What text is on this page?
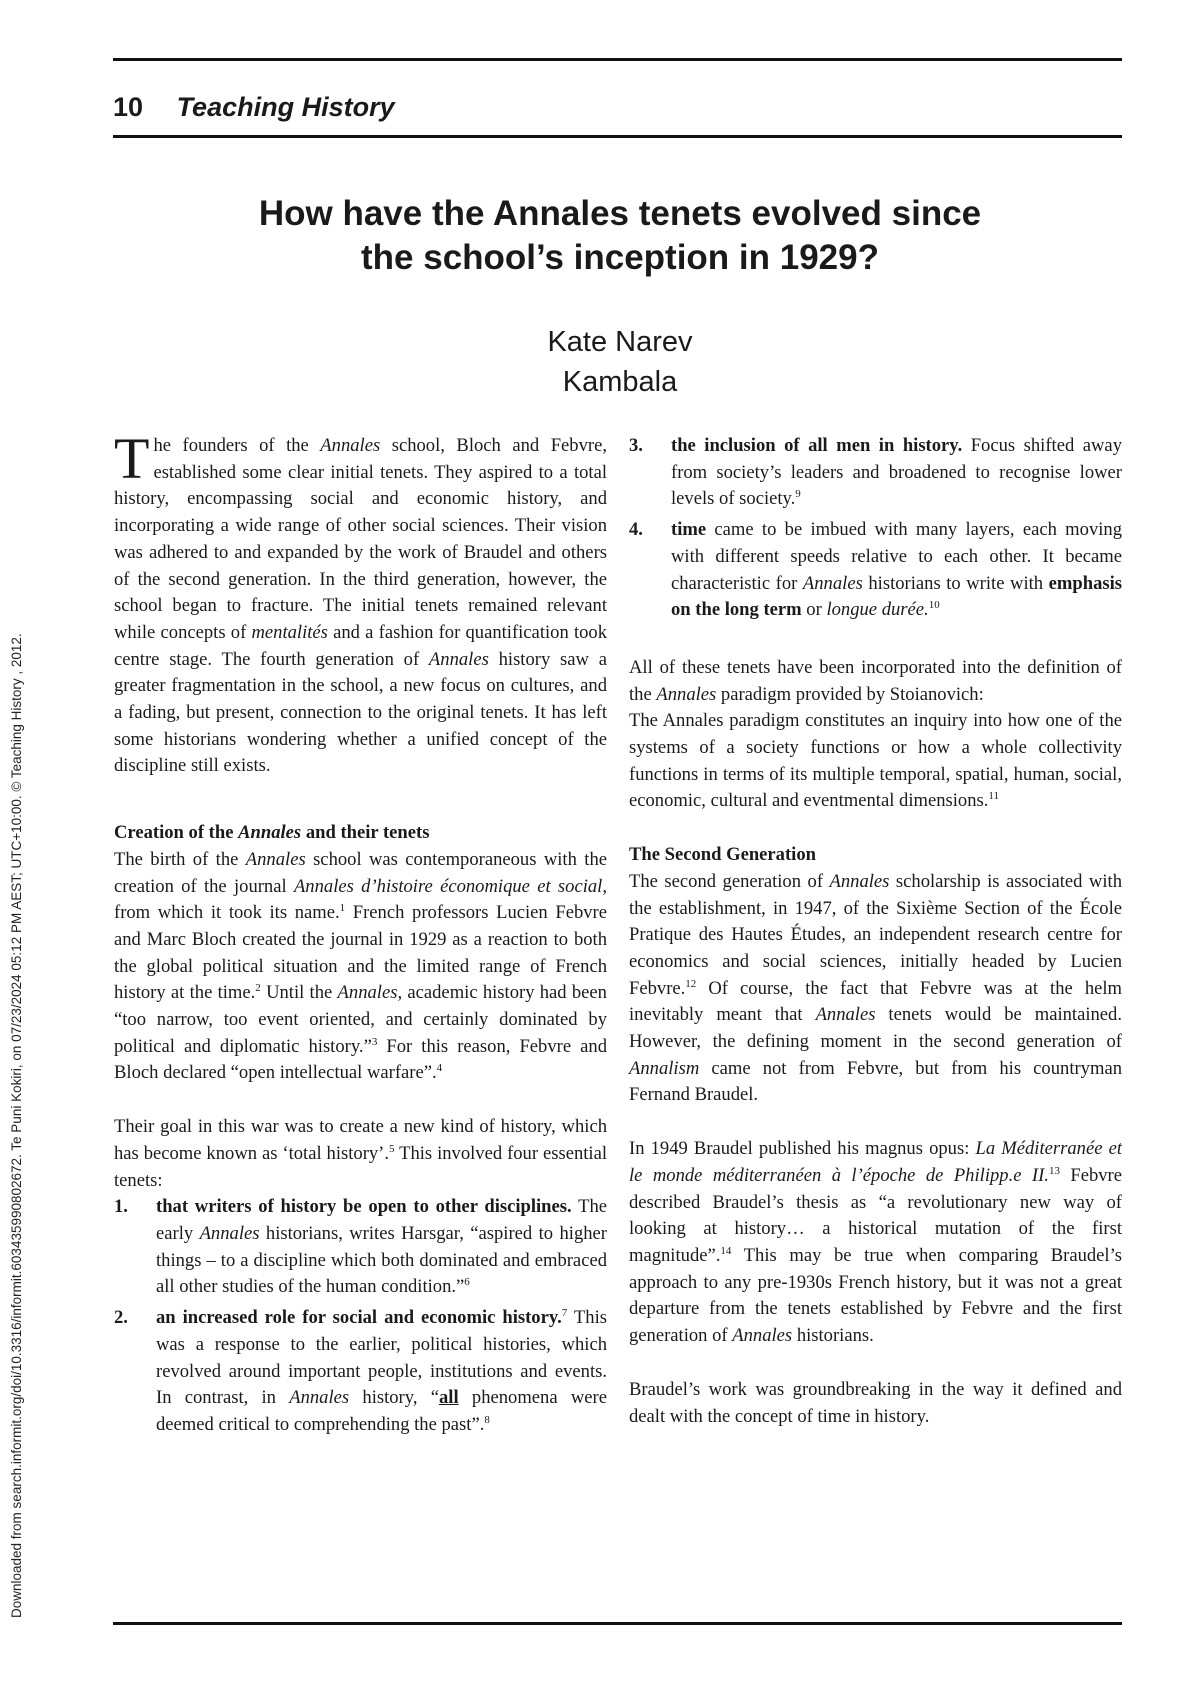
10 Teaching History
Downloaded from search.informit.org/doi/10.3316/informit.603435990802672. Te Puni Kokiri, on 07/23/2024 05:12 PM AEST; UTC+10:00. © Teaching History , 2012.
How have the Annales tenets evolved since
the school’s inception in 1929?
Kate Narev
Kambala

The founders of the Annales school, Bloch and Febvre, established some clear initial tenets. They aspired to a total history, encompassing social and economic history, and incorporating a wide range of other social sciences. Their vision was adhered to and expanded by the work of Braudel and others of the second generation. In the third generation, however, the school began to fracture. The initial tenets remained relevant while concepts of mentalités and a fashion for quantification took centre stage. The fourth generation of Annales history saw a greater fragmentation in the school, a new focus on cultures, and a fading, but present, connection to the original tenets. It has left some historians wondering whether a unified concept of the discipline still exists.

Creation of the Annales and their tenets

The birth of the Annales school was contemporaneous with the creation of the journal Annales d’histoire économique et social, from which it took its name.$^1$ French professors Lucien Febvre and Marc Bloch created the journal in 1929 as a reaction to both the global political situation and the limited range of French history at the time.$^2$ Until the Annales, academic history had been “too narrow, too event oriented, and certainly dominated by political and diplomatic history.”$^3$ For this reason, Febvre and Bloch declared “open intellectual warfare”.$^4$

Their goal in this war was to create a new kind of history, which has become known as ‘total history’.$^5$ This involved four essential tenets:

1. that writers of history be open to other disciplines. The early Annales historians, writes Harsgar, “aspired to higher things – to a discipline which both dominated and embraced all other studies of the human condition.”$^6$
2. an increased role for social and economic history.$^7$ This was a response to the earlier, political histories, which revolved around important people, institutions and events. In contrast, in Annales history, “all phenomena were deemed critical to comprehending the past”.$^8$
3. the inclusion of all men in history. Focus shifted away from society’s leaders and broadened to recognise lower levels of society.$^9$
4. time came to be imbued with many layers, each moving with different speeds relative to each other. It became characteristic for Annales historians to write with emphasis on the long term or longue durée.$^{10}$

All of these tenets have been incorporated into the definition of the Annales paradigm provided by Stoianovich:

The Annales paradigm constitutes an inquiry into how one of the systems of a society functions or how a whole collectivity functions in terms of its multiple temporal, spatial, human, social, economic, cultural and eventmental dimensions.$^{11}$

The Second Generation

The second generation of Annales scholarship is associated with the establishment, in 1947, of the Sixième Section of the École Pratique des Hautes Études, an independent research centre for economics and social sciences, initially headed by Lucien Febvre.$^{12}$ Of course, the fact that Febvre was at the helm inevitably meant that Annales tenets would be maintained. However, the defining moment in the second generation of Annalism came not from Febvre, but from his countryman Fernand Braudel.

In 1949 Braudel published his magnus opus: La Méditerranée et le monde méditerranéen à l’époche de Philipp.e II.$^{13}$ Febvre described Braudel’s thesis as “a revolutionary new way of looking at history… a historical mutation of the first magnitude”.$^{14}$ This may be true when comparing Braudel’s approach to any pre-1930s French history, but it was not a great departure from the tenets established by Febvre and the first generation of Annales historians.

Braudel’s work was groundbreaking in the way it defined and dealt with the concept of time in history.
